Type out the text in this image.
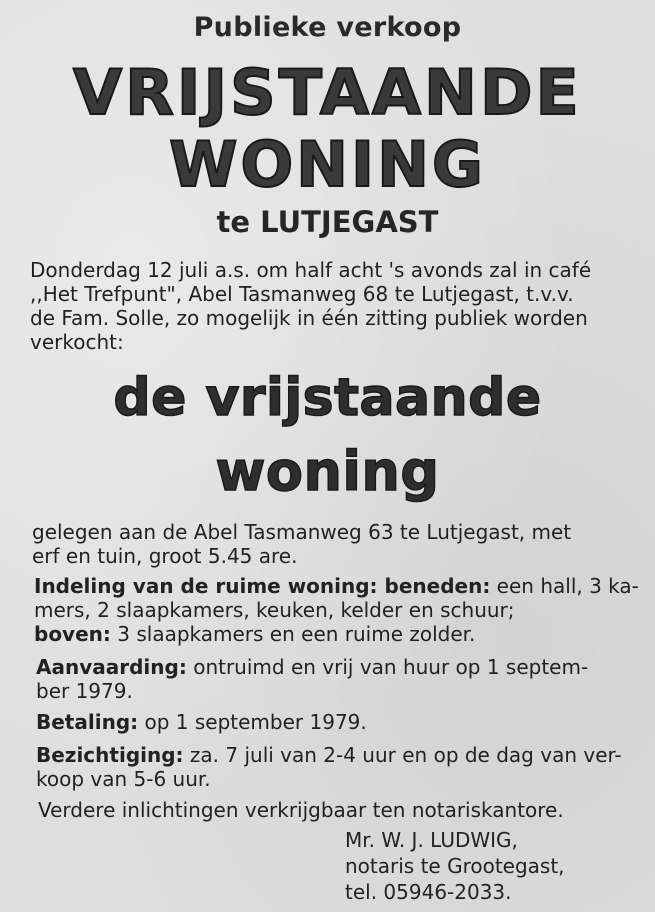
Publieke verkoop
VRIJSTAANDE
WONING
te LUTJEGAST
Donderdag 12 juli a.s. om half acht 's avonds zal in café
,,Het Trefpunt", Abel Tasmanweg 68 te Lutjegast, t.v.v.
de Fam. Solle, zo mogelijk in één zitting publiek worden
verkocht:
de vrijstaande
woning
gelegen aan de Abel Tasmanweg 63 te Lutjegast, met
erf en tuin, groot 5.45 are.
Indeling van de ruime woning: beneden: een hall, 3 ka-
mers, 2 slaapkamers, keuken, kelder en schuur;
boven: 3 slaapkamers en een ruime zolder.
Aanvaarding: ontruimd en vrij van huur op 1 septem-
ber 1979.
Betaling: op 1 september 1979.
Bezichtiging: za. 7 juli van 2-4 uur en op de dag van ver-
koop van 5-6 uur.
Verdere inlichtingen verkrijgbaar ten notariskantore.
Mr. W. J. LUDWIG,
notaris te Grootegast,
tel. 05946-2033.
